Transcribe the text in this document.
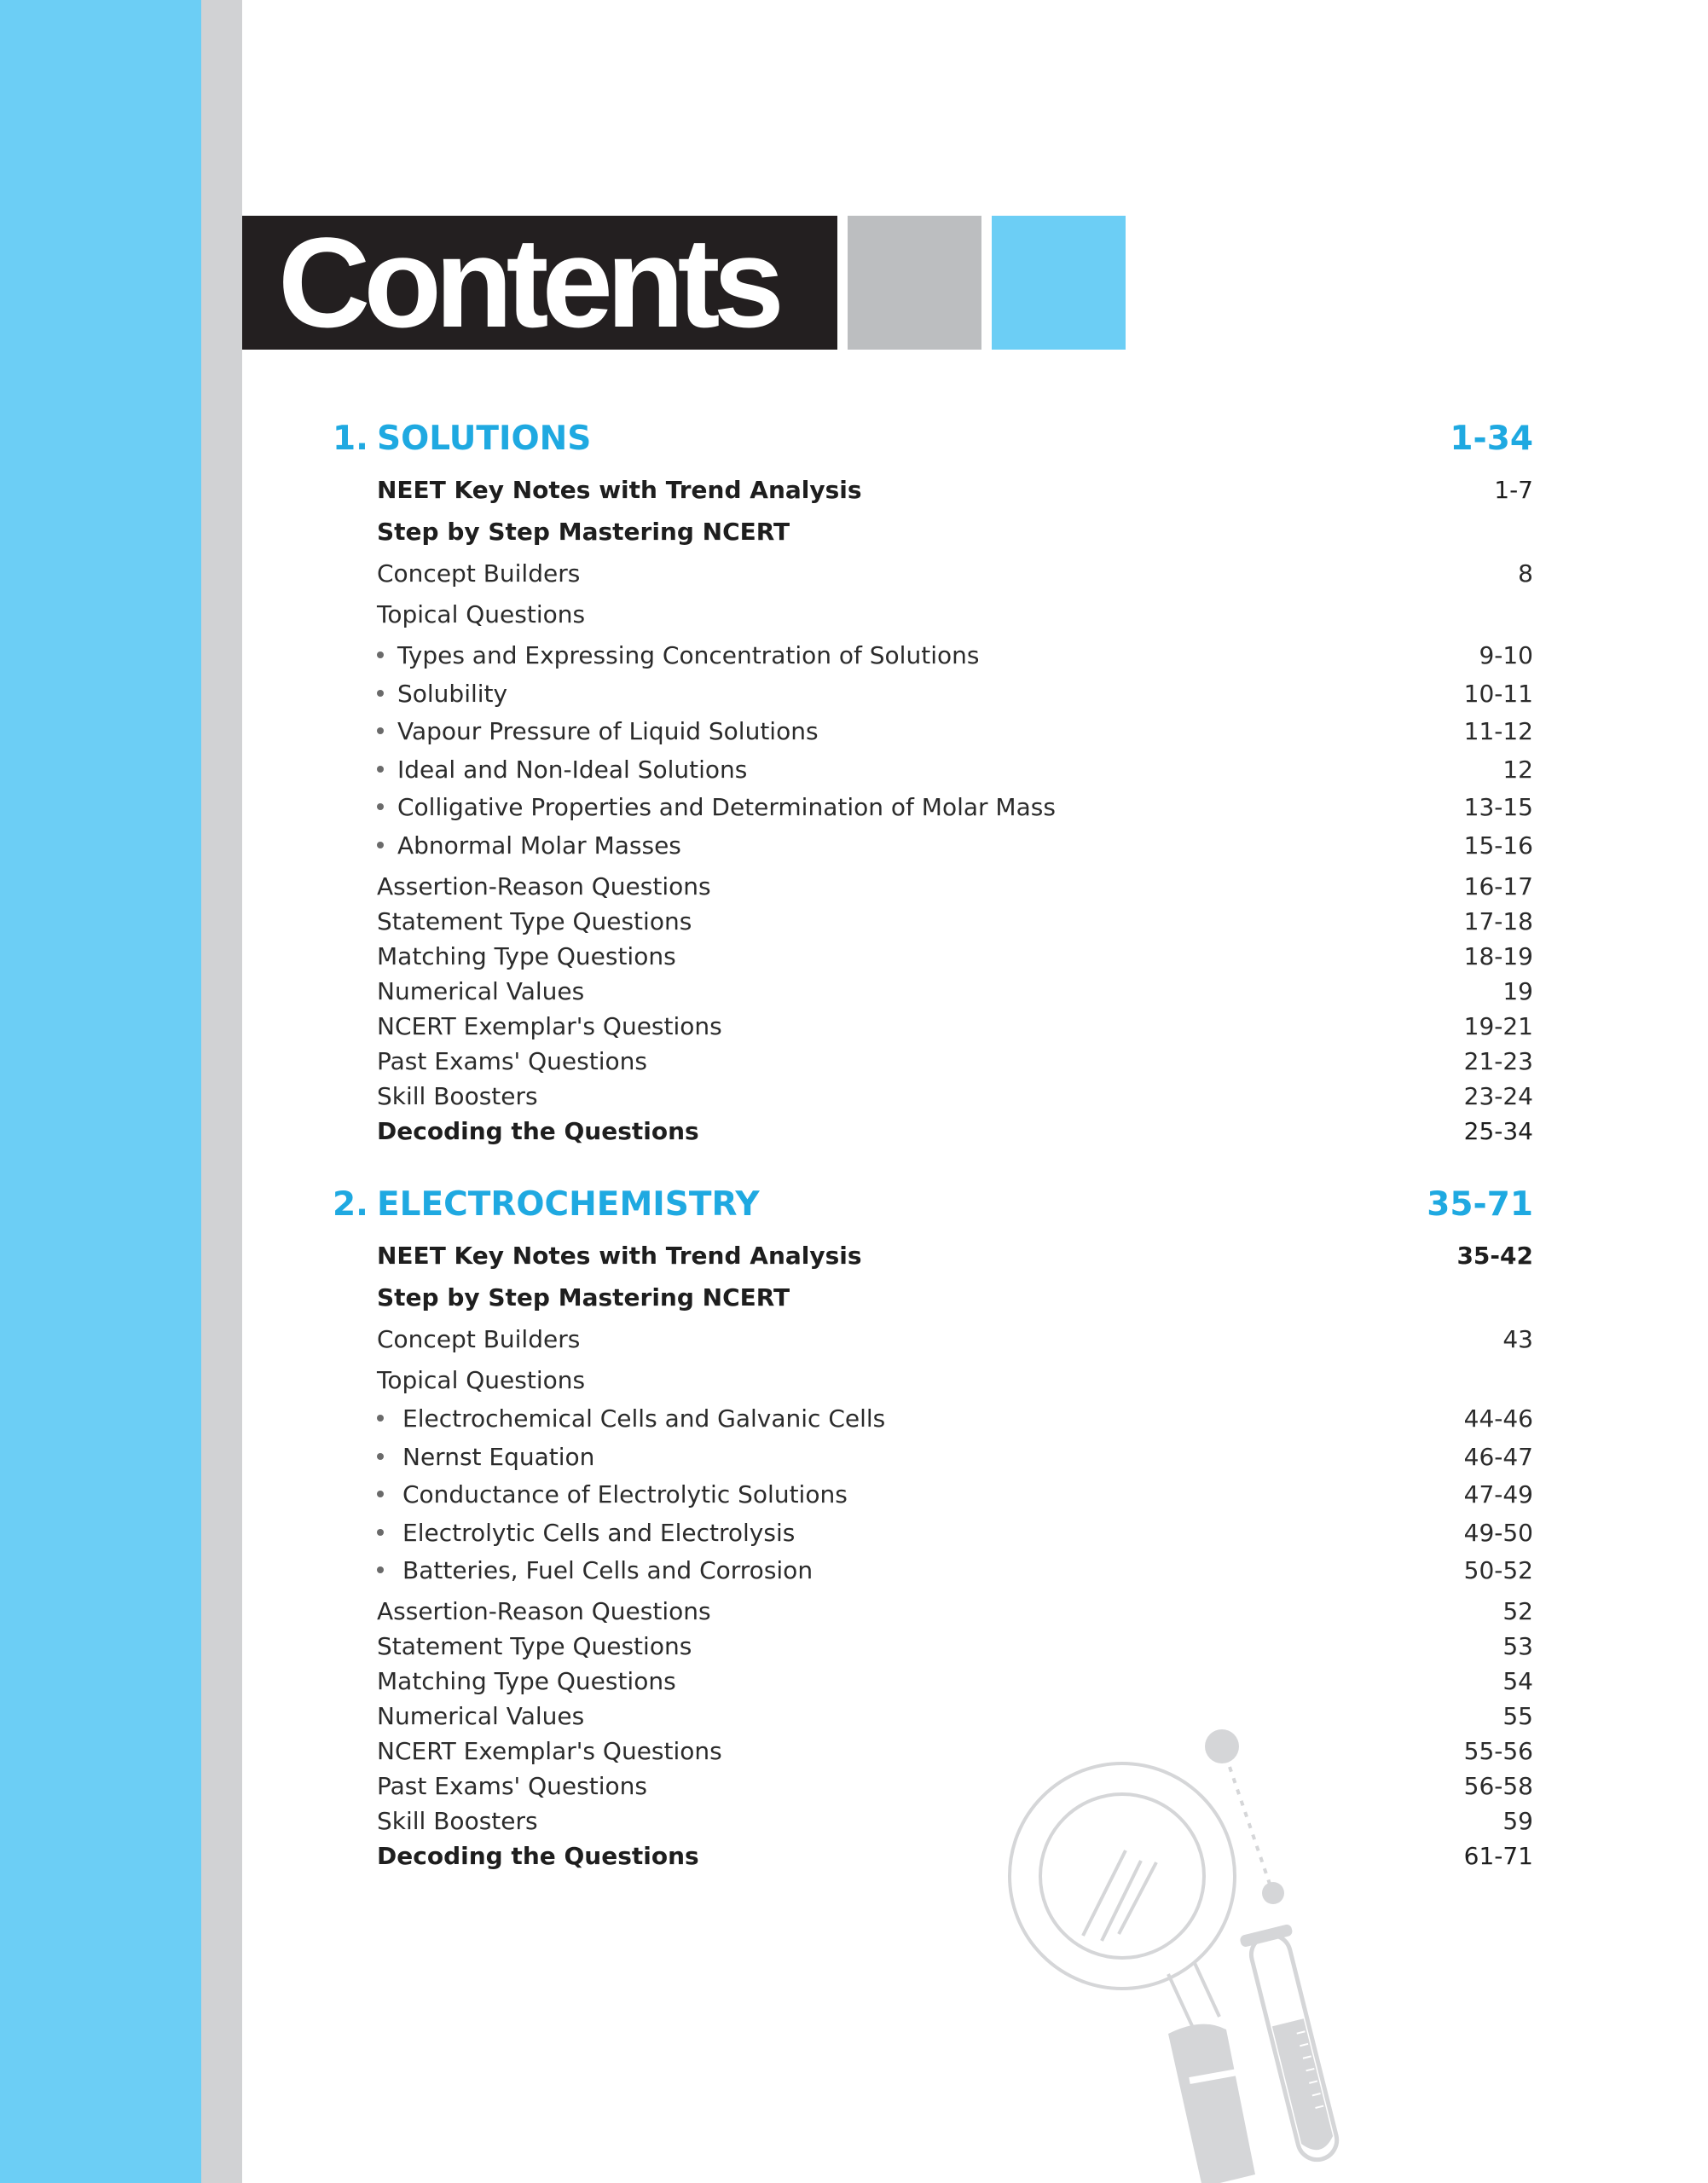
Contents
1. SOLUTIONS	1-34
NEET Key Notes with Trend Analysis	1-7
Step by Step Mastering NCERT
Concept Builders	8
Topical Questions
Types and Expressing Concentration of Solutions	9-10
Solubility	10-11
Vapour Pressure of Liquid Solutions	11-12
Ideal and Non-Ideal Solutions	12
Colligative Properties and Determination of Molar Mass	13-15
Abnormal Molar Masses	15-16
Assertion-Reason Questions	16-17
Statement Type Questions	17-18
Matching Type Questions	18-19
Numerical Values	19
NCERT Exemplar's Questions	19-21
Past Exams' Questions	21-23
Skill Boosters	23-24
Decoding the Questions	25-34
2. ELECTROCHEMISTRY	35-71
NEET Key Notes with Trend Analysis	35-42
Step by Step Mastering NCERT
Concept Builders	43
Topical Questions
Electrochemical Cells and Galvanic Cells	44-46
Nernst Equation	46-47
Conductance of Electrolytic Solutions	47-49
Electrolytic Cells and Electrolysis	49-50
Batteries, Fuel Cells and Corrosion	50-52
Assertion-Reason Questions	52
Statement Type Questions	53
Matching Type Questions	54
Numerical Values	55
NCERT Exemplar's Questions	55-56
Past Exams' Questions	56-58
Skill Boosters	59
Decoding the Questions	61-71
